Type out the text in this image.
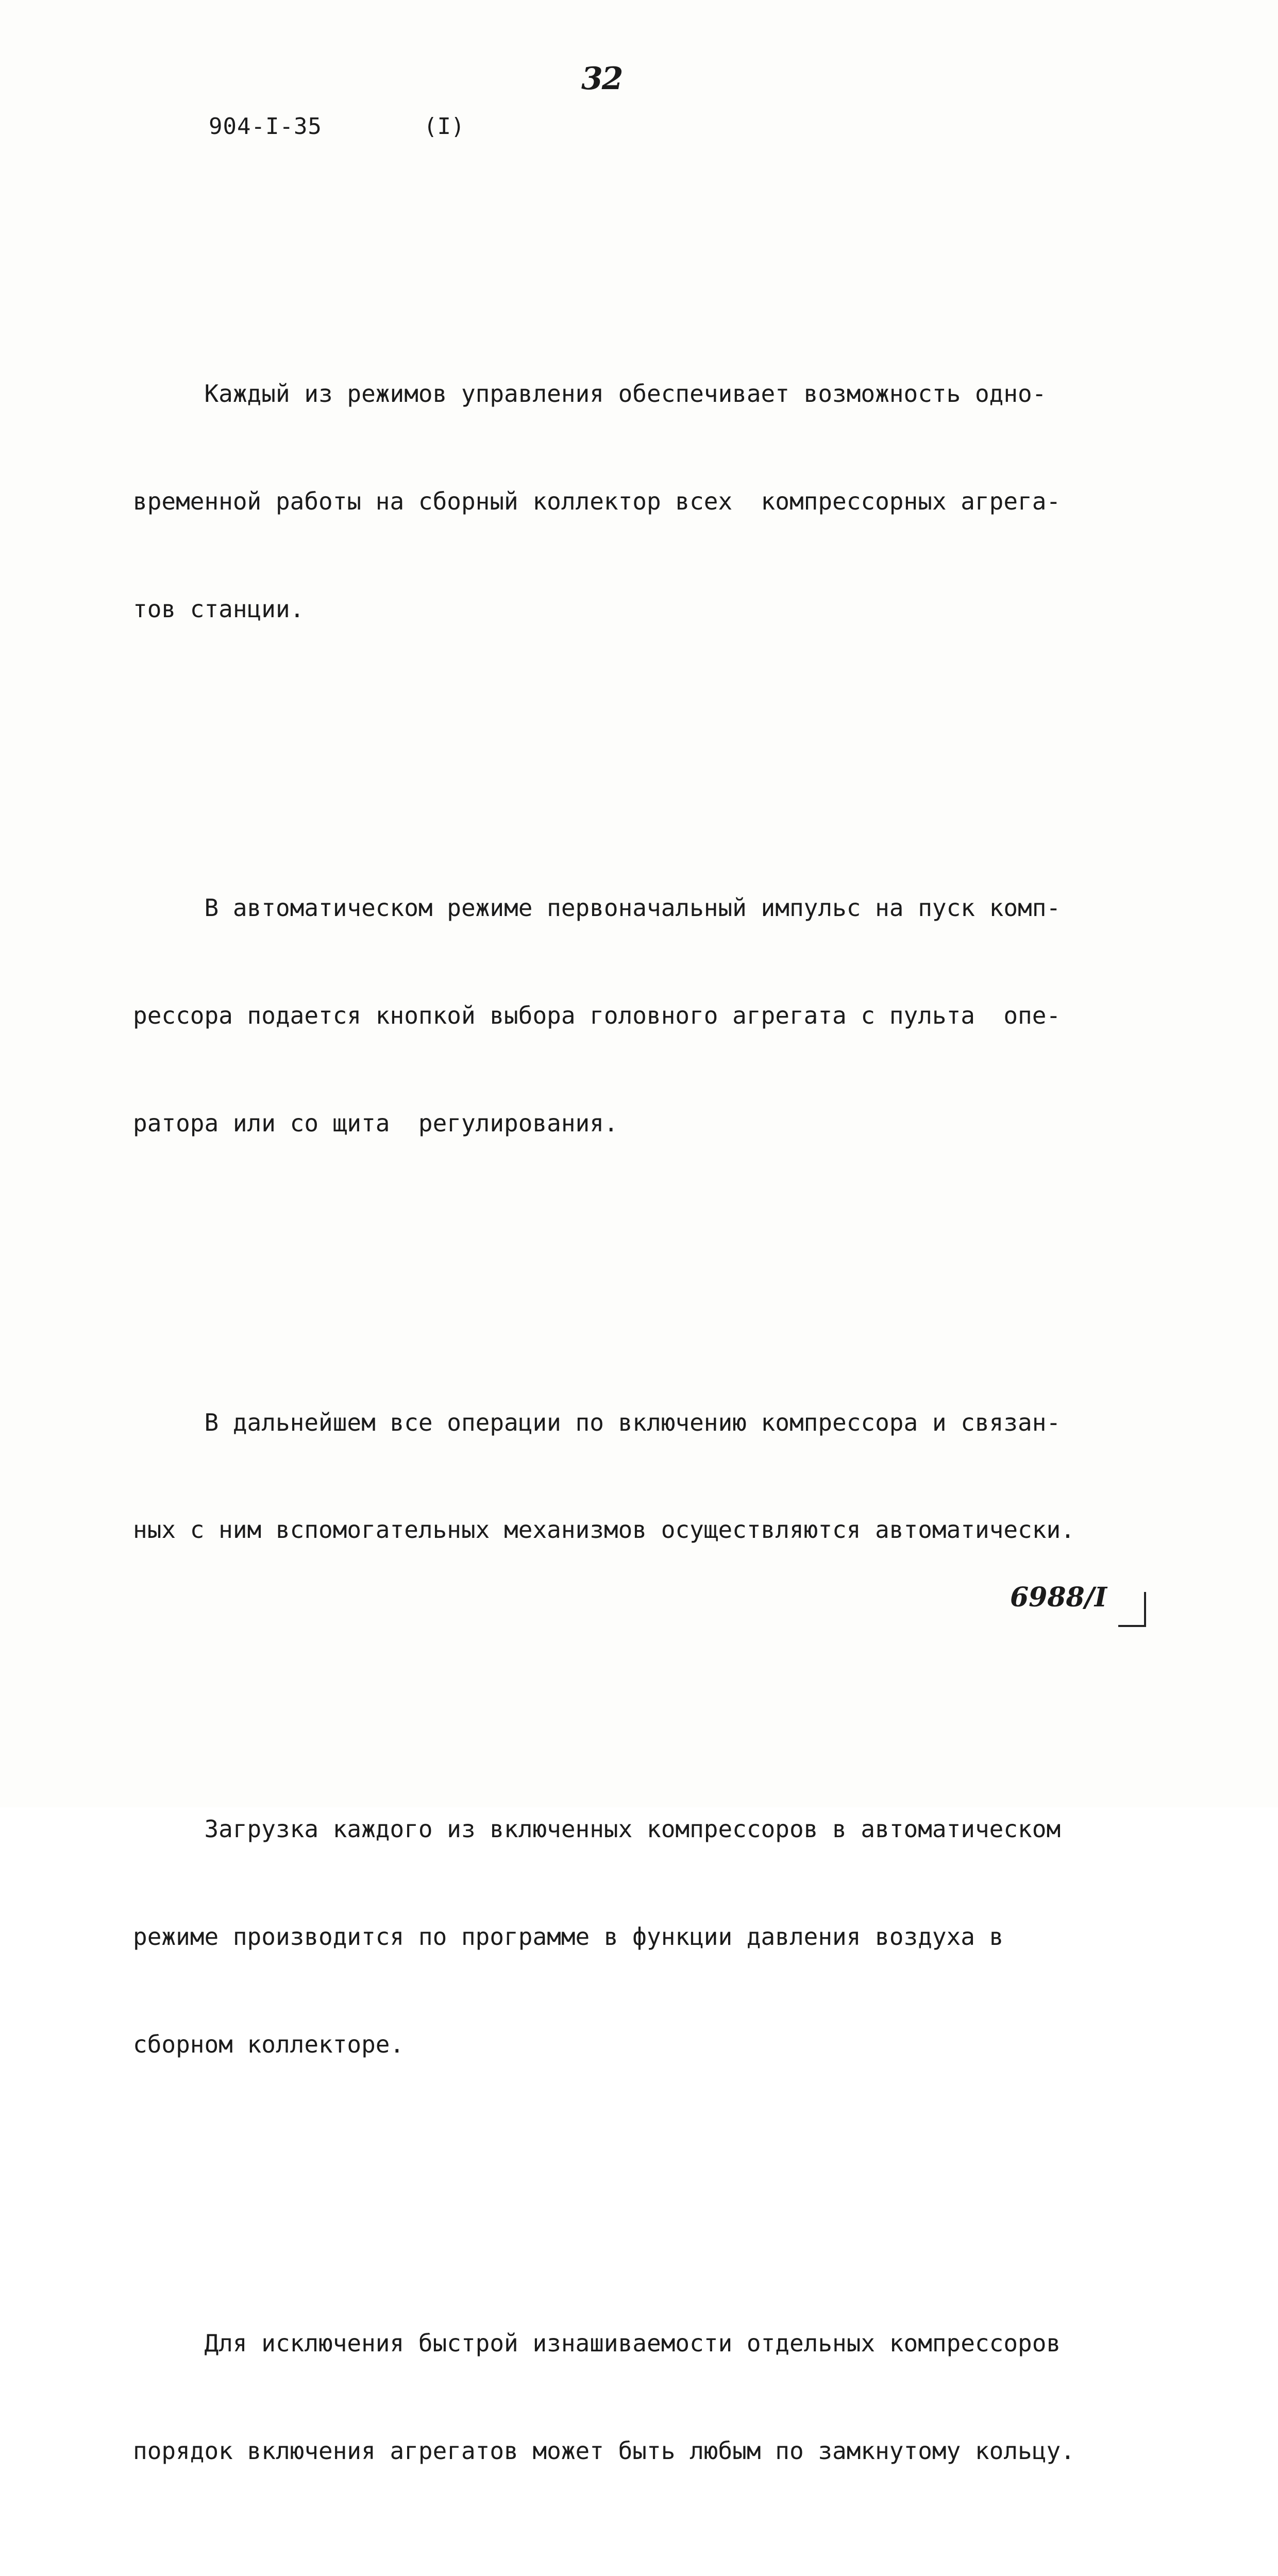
32
904-I-35	(I)

Каждый из режимов управления обеспечивает возможность одно-

временной работы на сборный коллектор всех  компрессорных агрега-

тов станции.

В автоматическом режиме первоначальный импульс на пуск комп-

рессора подается кнопкой выбора головного агрегата с пульта  опе-

ратора или со щита  регулирования.

В дальнейшем все операции по включению компрессора и связан-

ных с ним вспомогательных механизмов осуществляются автоматически.

Загрузка каждого из включенных компрессоров в автоматическом

режиме производится по программе в функции давления воздуха в

сборном коллекторе.

Для исключения быстрой изнашиваемости отдельных компрессоров

порядок включения агрегатов может быть любым по замкнутому кольцу.

6988/I
